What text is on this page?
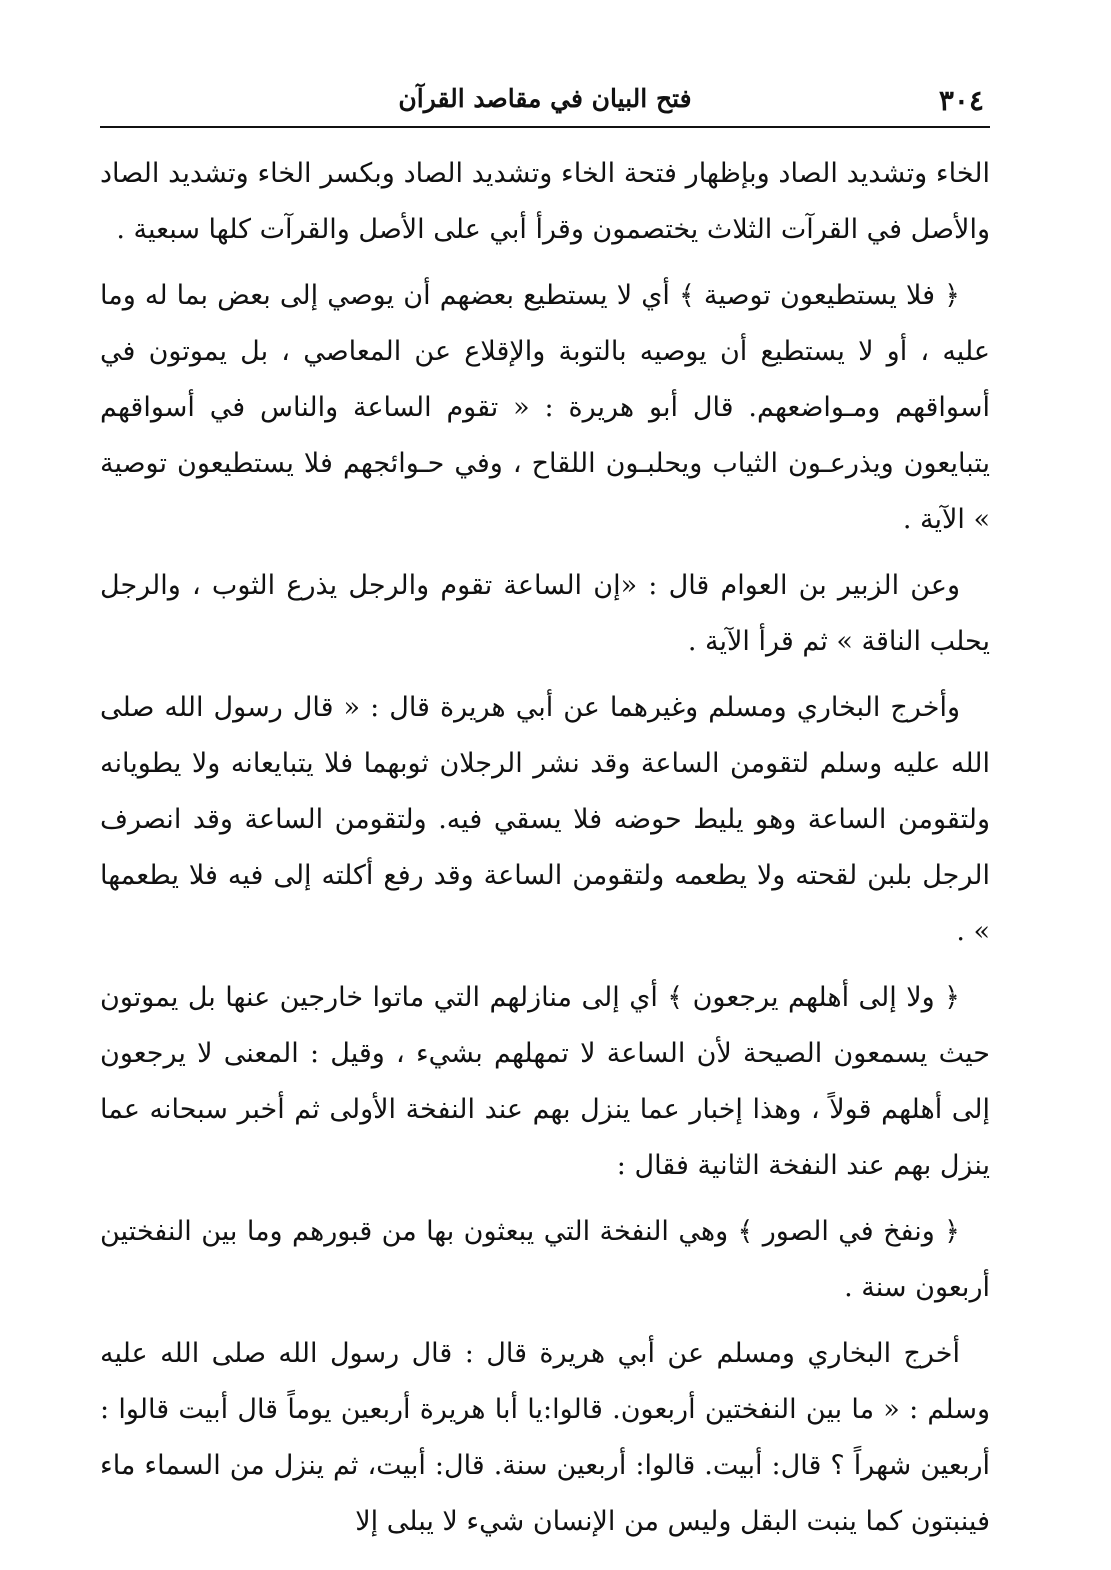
٣٠٤
فتح البيان في مقاصد القرآن

الخاء وتشديد الصاد وبإظهار فتحة الخاء وتشديد الصاد وبكسر الخاء وتشديد الصاد والأصل في القرآت الثلاث يختصمون وقرأ أبي على الأصل والقرآت كلها سبعية .

﴿ فلا يستطيعون توصية ﴾ أي لا يستطيع بعضهم أن يوصي إلى بعض بما له وما عليه ، أو لا يستطيع أن يوصيه بالتوبة والإقلاع عن المعاصي ، بل يموتون في أسواقهم ومـواضعهم. قال أبو هريرة : « تقوم الساعة والناس في أسواقهم يتبايعون ويذرعـون الثياب ويحلبـون اللقاح ، وفي حـوائجهم فلا يستطيعون توصية » الآية .

وعن الزبير بن العوام قال : «إن الساعة تقوم والرجل يذرع الثوب ، والرجل يحلب الناقة » ثم قرأ الآية .

وأخرج البخاري ومسلم وغيرهما عن أبي هريرة قال : « قال رسول الله صلى الله عليه وسلم لتقومن الساعة وقد نشر الرجلان ثوبهما فلا يتبايعانه ولا يطويانه ولتقومن الساعة وهو يليط حوضه فلا يسقي فيه. ولتقومن الساعة وقد انصرف الرجل بلبن لقحته ولا يطعمه ولتقومن الساعة وقد رفع أكلته إلى فيه فلا يطعمها » .

﴿ ولا إلى أهلهم يرجعون ﴾ أي إلى منازلهم التي ماتوا خارجين عنها بل يموتون حيث يسمعون الصيحة لأن الساعة لا تمهلهم بشيء ، وقيل : المعنى لا يرجعون إلى أهلهم قولاً ، وهذا إخبار عما ينزل بهم عند النفخة الأولى ثم أخبر سبحانه عما ينزل بهم عند النفخة الثانية فقال :

﴿ ونفخ في الصور ﴾ وهي النفخة التي يبعثون بها من قبورهم وما بين النفختين أربعون سنة .

أخرج البخاري ومسلم عن أبي هريرة قال : قال رسول الله صلى الله عليه وسلم : « ما بين النفختين أربعون. قالوا:يا أبا هريرة أربعين يوماً قال أبيت قالوا : أربعين شهراً ؟ قال: أبيت. قالوا: أربعين سنة. قال: أبيت، ثم ينزل من السماء ماء فينبتون كما ينبت البقل وليس من الإنسان شيء لا يبلى إلا
